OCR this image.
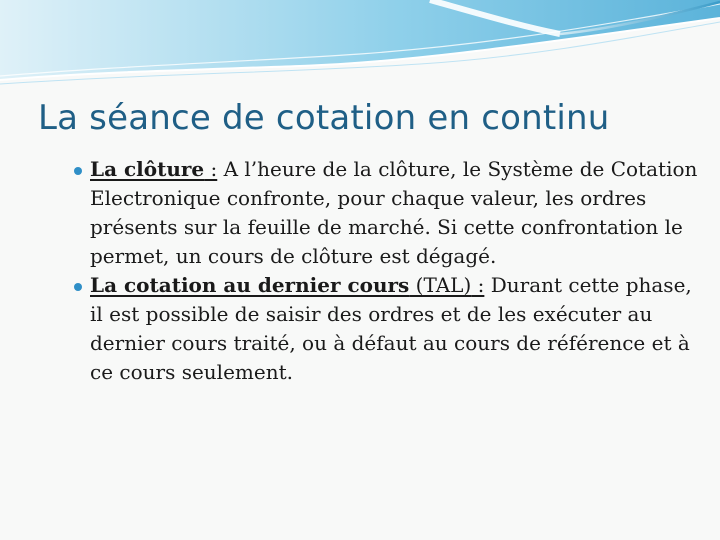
La séance de cotation en continu

La clôture : A l’heure de la clôture, le Système de Cotation Electronique confronte, pour chaque valeur, les ordres présents sur la feuille de marché. Si cette confrontation le permet, un cours de clôture est dégagé.

La cotation au dernier cours (TAL) : Durant cette phase, il est possible de saisir des ordres et de les exécuter au dernier cours traité, ou à défaut au cours de référence et à ce cours seulement.
